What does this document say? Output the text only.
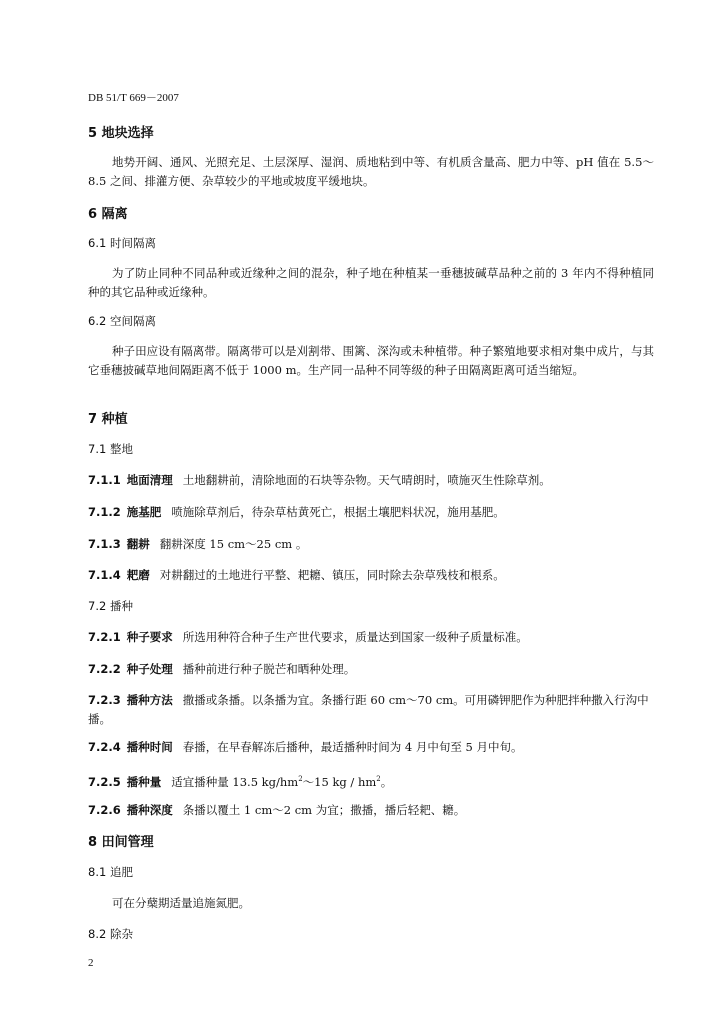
DB 51/T 669－2007
5 地块选择
地势开阔、通风、光照充足、土层深厚、湿润、质地粘到中等、有机质含量高、肥力中等、pH 值在 5.5～8.5 之间、排灌方便、杂草较少的平地或坡度平缓地块。
6 隔离
6.1 时间隔离
为了防止同种不同品种或近缘种之间的混杂，种子地在种植某一垂穗披碱草品种之前的 3 年内不得种植同种的其它品种或近缘种。
6.2 空间隔离
种子田应设有隔离带。隔离带可以是刈割带、围篱、深沟或未种植带。种子繁殖地要求相对集中成片，与其它垂穗披碱草地间隔距离不低于 1000 m。生产同一品种不同等级的种子田隔离距离可适当缩短。
7 种植
7.1 整地
7.1.1 地面清理 土地翻耕前，清除地面的石块等杂物。天气晴朗时，喷施灭生性除草剂。
7.1.2 施基肥 喷施除草剂后，待杂草枯黄死亡，根据土壤肥料状况，施用基肥。
7.1.3 翻耕 翻耕深度 15 cm～25 cm 。
7.1.4 耙磨 对耕翻过的土地进行平整、耙耱、镇压，同时除去杂草残枝和根系。
7.2 播种
7.2.1 种子要求 所选用种符合种子生产世代要求，质量达到国家一级种子质量标准。
7.2.2 种子处理 播种前进行种子脱芒和晒种处理。
7.2.3 播种方法 撒播或条播。以条播为宜。条播行距 60 cm～70 cm。可用磷钾肥作为种肥拌种撒入行沟中播。
7.2.4 播种时间 春播，在早春解冻后播种，最适播种时间为 4 月中旬至 5 月中旬。
7.2.5 播种量 适宜播种量 13.5 $kg/hm^2\sim 15$ kg / $hm^2$。
7.2.6 播种深度 条播以覆土 1 cm～2 cm 为宜；撒播，播后轻耙、耱。
8 田间管理
8.1 追肥
可在分蘖期适量追施氮肥。
8.2 除杂
2
